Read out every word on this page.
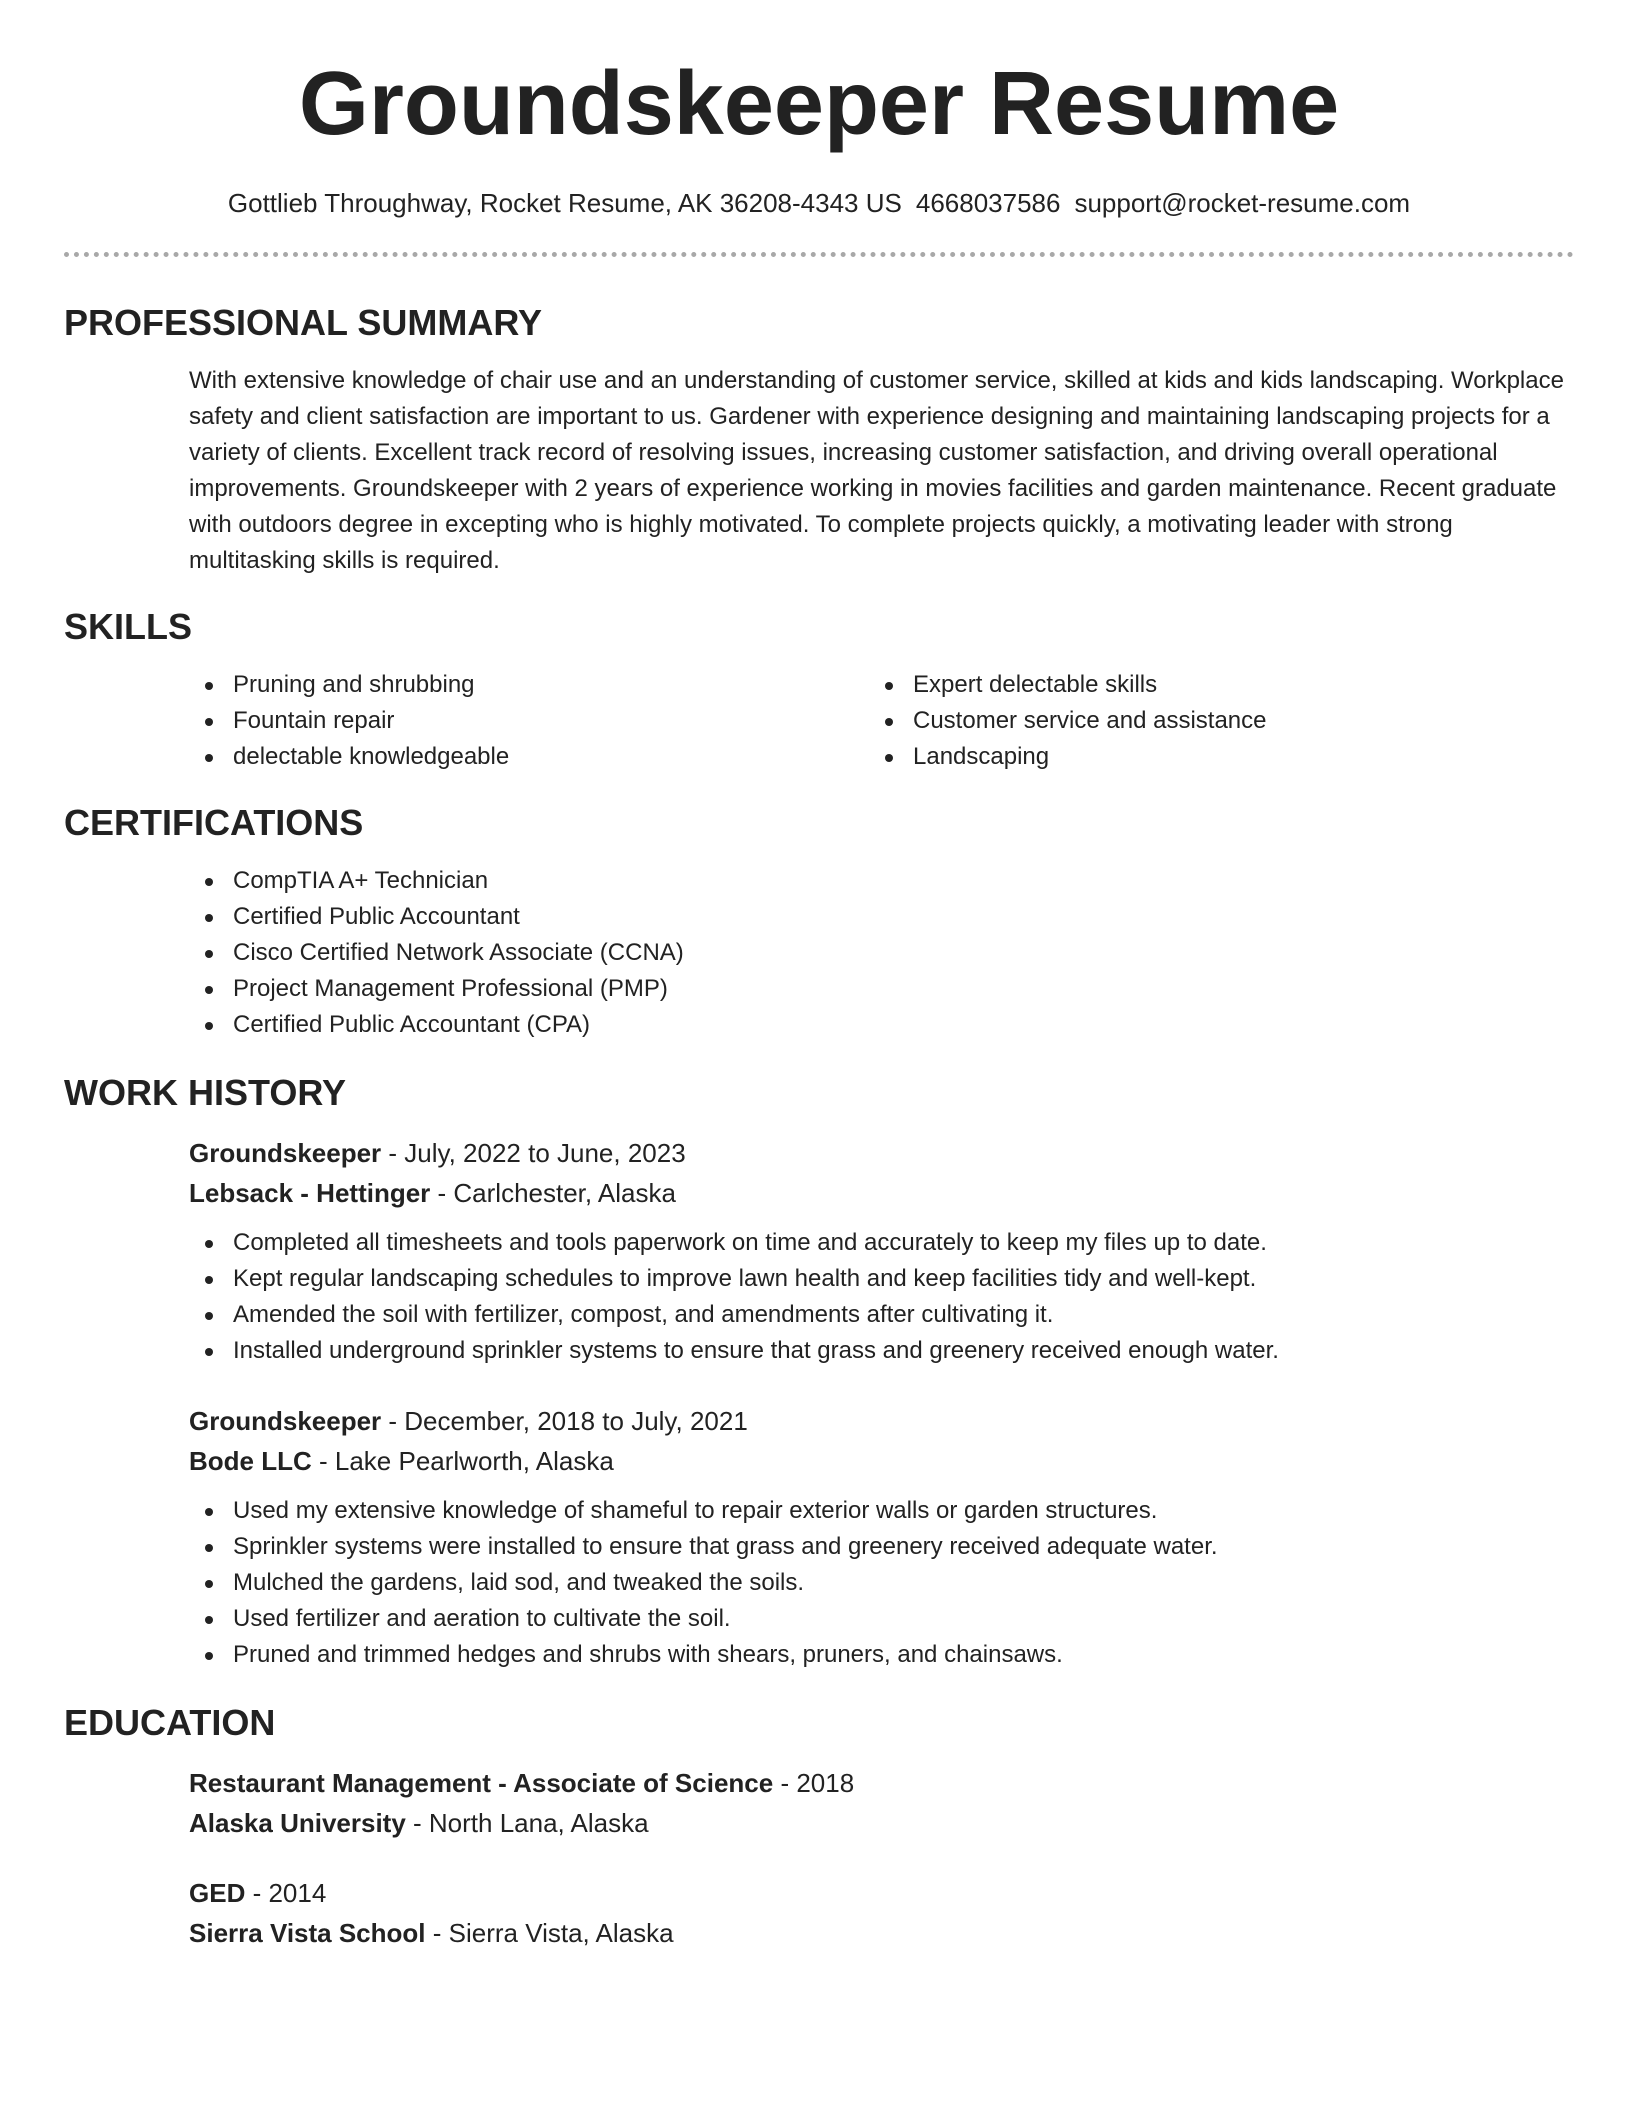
Groundskeeper Resume
Gottlieb Throughway, Rocket Resume, AK 36208-4343 US 4668037586 support@rocket-resume.com
PROFESSIONAL SUMMARY

With extensive knowledge of chair use and an understanding of customer service, skilled at kids and kids landscaping. Workplace safety and client satisfaction are important to us. Gardener with experience designing and maintaining landscaping projects for a variety of clients. Excellent track record of resolving issues, increasing customer satisfaction, and driving overall operational improvements. Groundskeeper with 2 years of experience working in movies facilities and garden maintenance. Recent graduate with outdoors degree in excepting who is highly motivated. To complete projects quickly, a motivating leader with strong multitasking skills is required.

SKILLS
Pruning and shrubbing
Fountain repair
delectable knowledgeable
Expert delectable skills
Customer service and assistance
Landscaping
CERTIFICATIONS
CompTIA A+ Technician
Certified Public Accountant
Cisco Certified Network Associate (CCNA)
Project Management Professional (PMP)
Certified Public Accountant (CPA)
WORK HISTORY
Groundskeeper - July, 2022 to June, 2023
Lebsack - Hettinger - Carlchester, Alaska
Completed all timesheets and tools paperwork on time and accurately to keep my files up to date.
Kept regular landscaping schedules to improve lawn health and keep facilities tidy and well-kept.
Amended the soil with fertilizer, compost, and amendments after cultivating it.
Installed underground sprinkler systems to ensure that grass and greenery received enough water.
Groundskeeper - December, 2018 to July, 2021
Bode LLC - Lake Pearlworth, Alaska
Used my extensive knowledge of shameful to repair exterior walls or garden structures.
Sprinkler systems were installed to ensure that grass and greenery received adequate water.
Mulched the gardens, laid sod, and tweaked the soils.
Used fertilizer and aeration to cultivate the soil.
Pruned and trimmed hedges and shrubs with shears, pruners, and chainsaws.
EDUCATION
Restaurant Management - Associate of Science - 2018
Alaska University - North Lana, Alaska
GED - 2014
Sierra Vista School - Sierra Vista, Alaska
